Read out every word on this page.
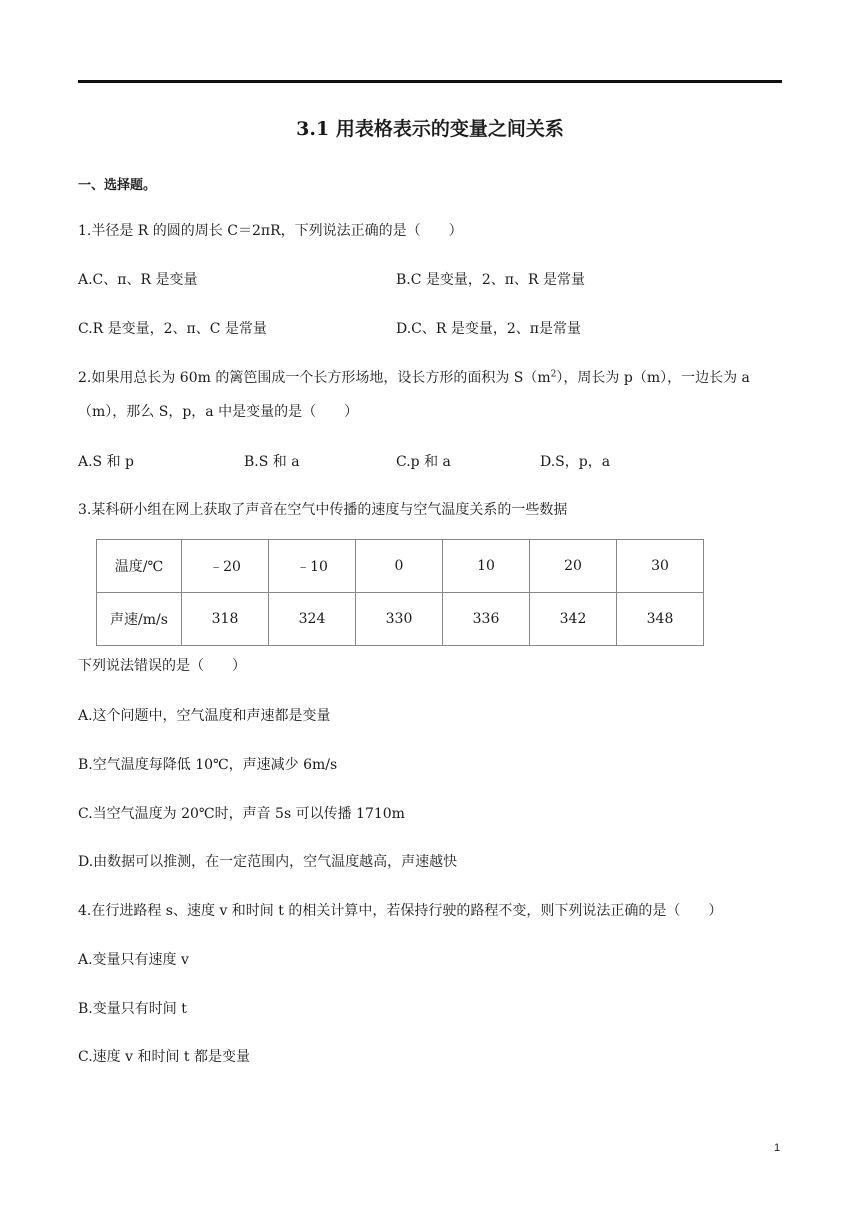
3.1 用表格表示的变量之间关系
一、选择题。
1.半径是 R 的圆的周长 C＝2πR，下列说法正确的是（　　）
A.C、π、R 是变量	B.C 是变量，2、π、R 是常量
C.R 是变量，2、π、C 是常量	D.C、R 是变量，2、π是常量
2.如果用总长为 60m 的篱笆围成一个长方形场地，设长方形的面积为 $S(m^2)$，周长为 p（m），一边长为 a
（m），那么 S，p，a 中是变量的是（　　）
A.S 和 p	B.S 和 a	C.p 和 a	D.S，p，a
3.某科研小组在网上获取了声音在空气中传播的速度与空气温度关系的一些数据
温度/℃	﹣20	﹣10	0	10	20	30
声速/m/s	318	324	330	336	342	348
下列说法错误的是（　　）
A.这个问题中，空气温度和声速都是变量
B.空气温度每降低 10℃，声速减少 6m/s
C.当空气温度为 20℃时，声音 5s 可以传播 1710m
D.由数据可以推测，在一定范围内，空气温度越高，声速越快
4.在行进路程 s、速度 v 和时间 t 的相关计算中，若保持行驶的路程不变，则下列说法正确的是（　　）
A.变量只有速度 v
B.变量只有时间 t
C.速度 v 和时间 t 都是变量
1
